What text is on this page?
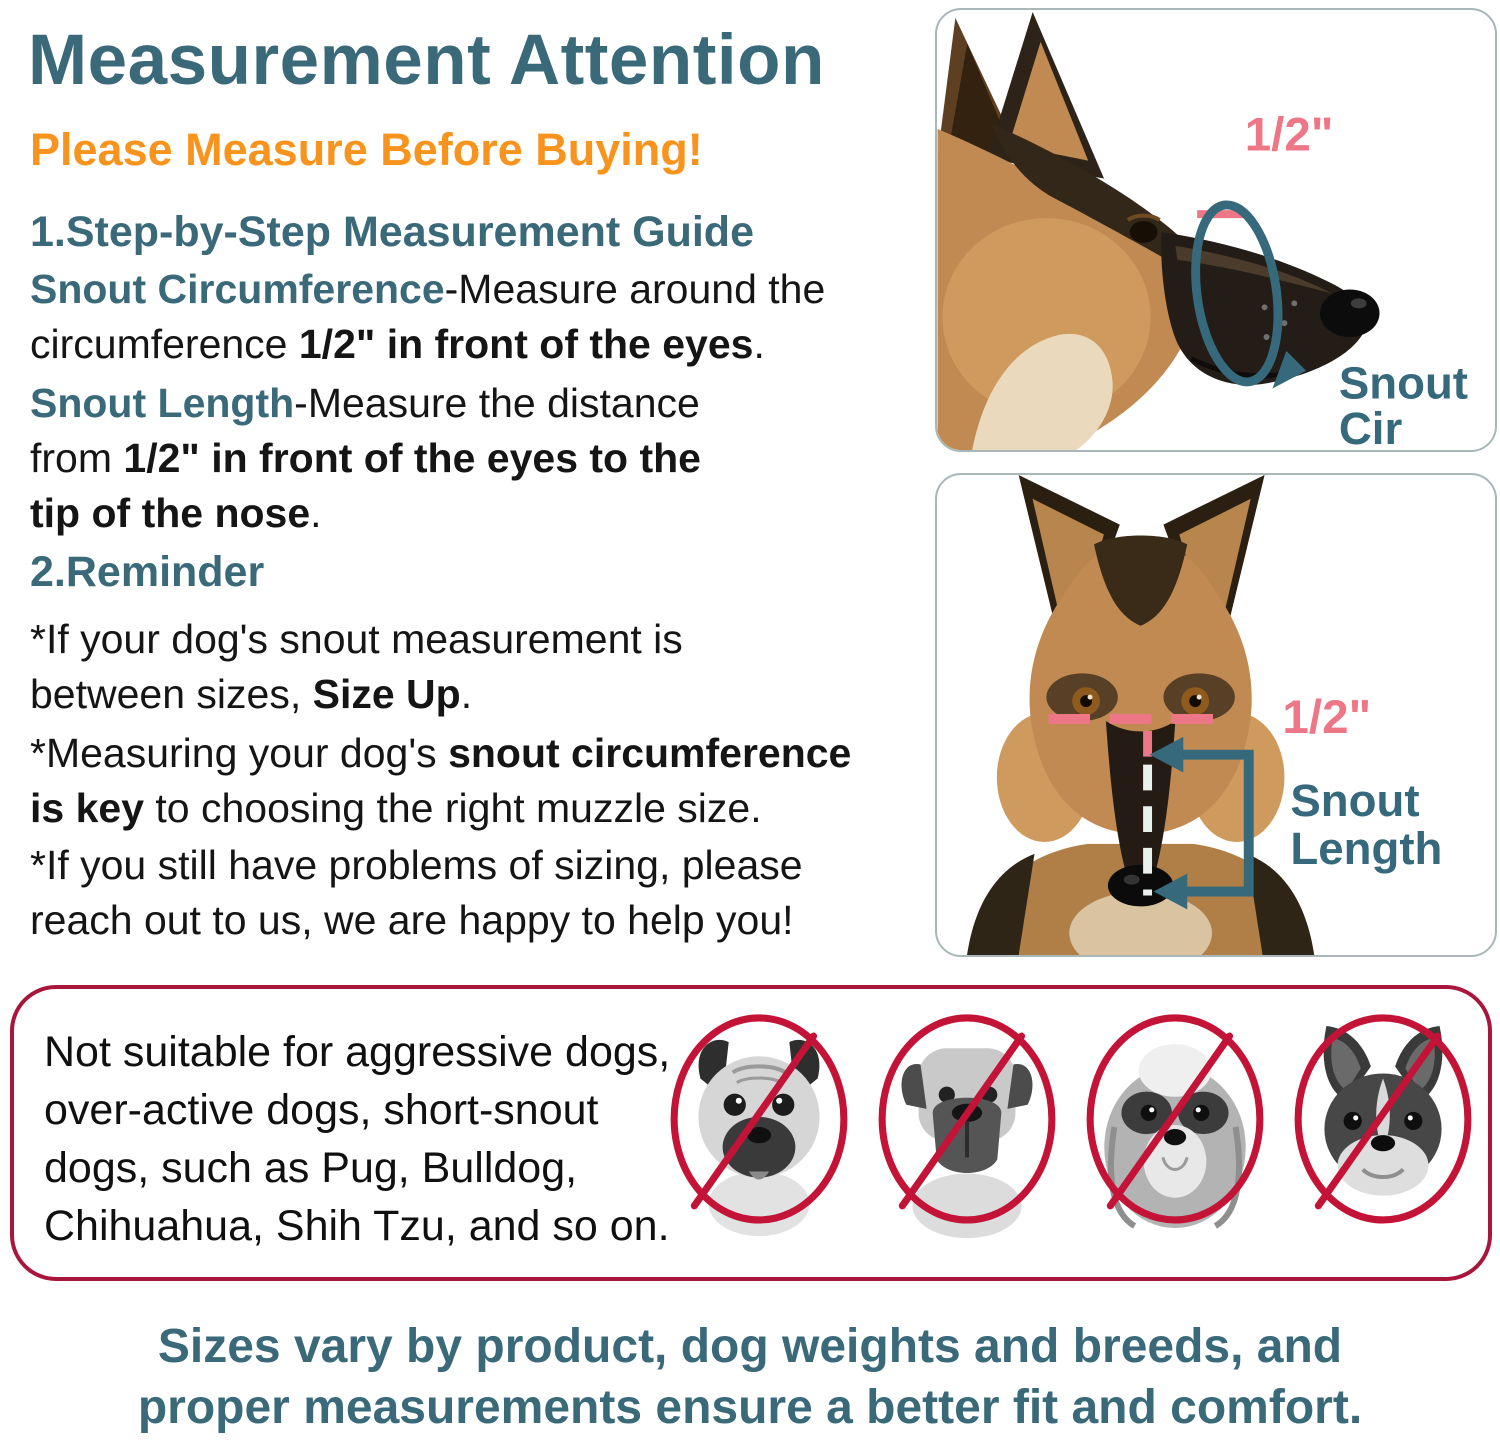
Measurement Attention
Please Measure Before Buying!
1.Step-by-Step Measurement Guide
Snout Circumference-Measure around the
circumference 1/2" in front of the eyes.
Snout Length-Measure the distance
from 1/2" in front of the eyes to the
tip of the nose.
2.Reminder
*If your dog's snout measurement is
between sizes, Size Up.
*Measuring your dog's snout circumference
is key to choosing the right muzzle size.
*If you still have problems of sizing, please
reach out to us, we are happy to help you!
1/2"
Snout
Cir
1/2"
Snout
Length

Not suitable for aggressive dogs,
over-active dogs, short-snout
dogs, such as Pug, Bulldog,
Chihuahua, Shih Tzu, and so on.

Sizes vary by product, dog weights and breeds, and
proper measurements ensure a better fit and comfort.
